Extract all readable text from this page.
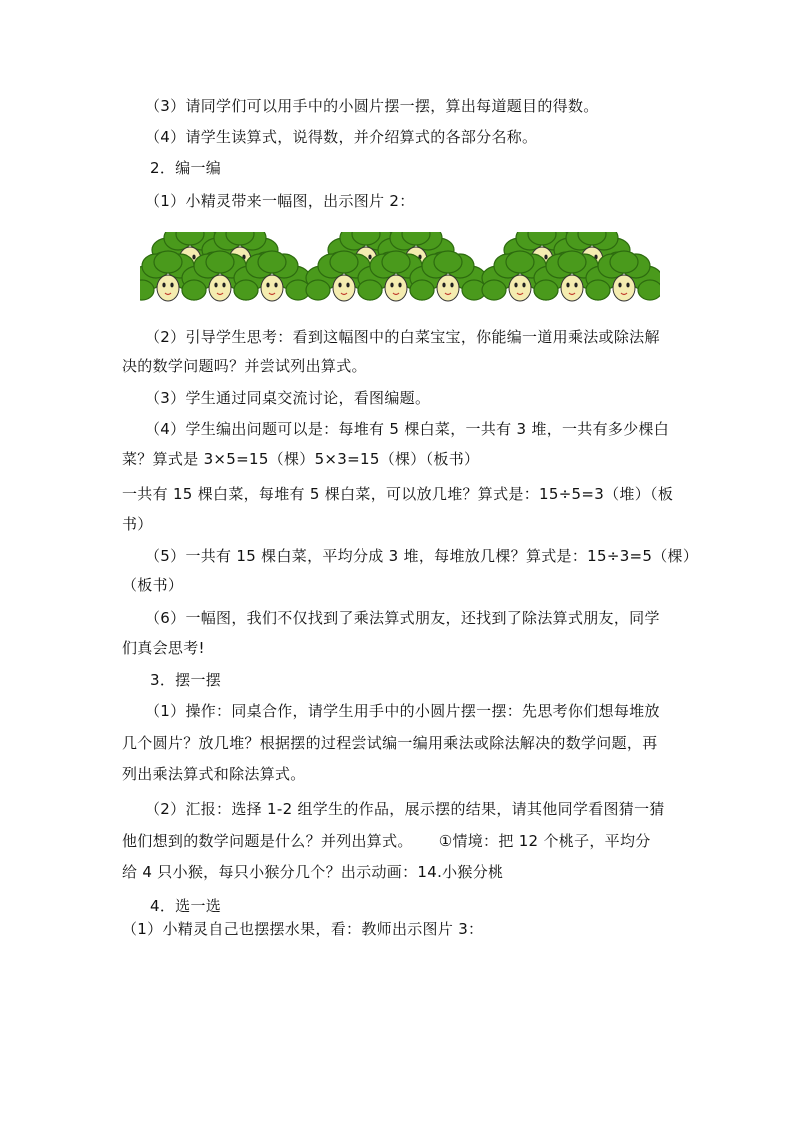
（3）请同学们可以用手中的小圆片摆一摆，算出每道题目的得数。
（4）请学生读算式，说得数，并介绍算式的各部分名称。
2．编一编
（1）小精灵带来一幅图，出示图片 2：
（2）引导学生思考：看到这幅图中的白菜宝宝，你能编一道用乘法或除法解
决的数学问题吗？并尝试列出算式。
（3）学生通过同桌交流讨论，看图编题。
（4）学生编出问题可以是：每堆有 5 棵白菜，一共有 3 堆，一共有多少棵白
菜？算式是 3×5=15（棵）5×3=15（棵）（板书）
一共有 15 棵白菜，每堆有 5 棵白菜，可以放几堆？算式是：15÷5=3（堆）（板
书）
（5）一共有 15 棵白菜，平均分成 3 堆，每堆放几棵？算式是：15÷3=5（棵）
（板书）
（6）一幅图，我们不仅找到了乘法算式朋友，还找到了除法算式朋友，同学
们真会思考!
3．摆一摆
（1）操作：同桌合作，请学生用手中的小圆片摆一摆：先思考你们想每堆放
几个圆片？放几堆？根据摆的过程尝试编一编用乘法或除法解决的数学问题，再
列出乘法算式和除法算式。
（2）汇报：选择 1-2 组学生的作品，展示摆的结果，请其他同学看图猜一猜
他们想到的数学问题是什么？并列出算式。 ①情境：把 12 个桃子，平均分
给 4 只小猴，每只小猴分几个？出示动画：14.小猴分桃
4．选一选
（1）小精灵自己也摆摆水果，看：教师出示图片 3：
